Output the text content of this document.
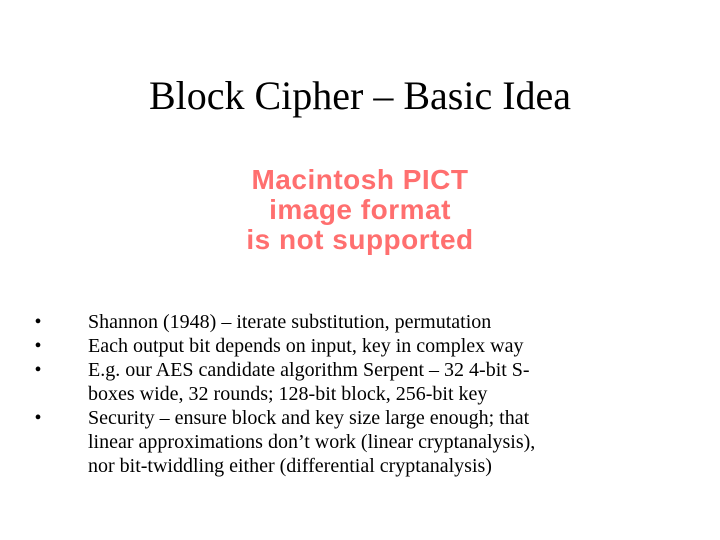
Block Cipher – Basic Idea
Macintosh PICT
image format
is not supported
•	Shannon (1948) – iterate substitution, permutation
•	Each output bit depends on input, key in complex way
•	E.g. our AES candidate algorithm Serpent – 32 4-bit S-
boxes wide, 32 rounds; 128-bit block, 256-bit key
•	Security – ensure block and key size large enough; that
linear approximations don’t work (linear cryptanalysis),
nor bit-twiddling either (differential cryptanalysis)
